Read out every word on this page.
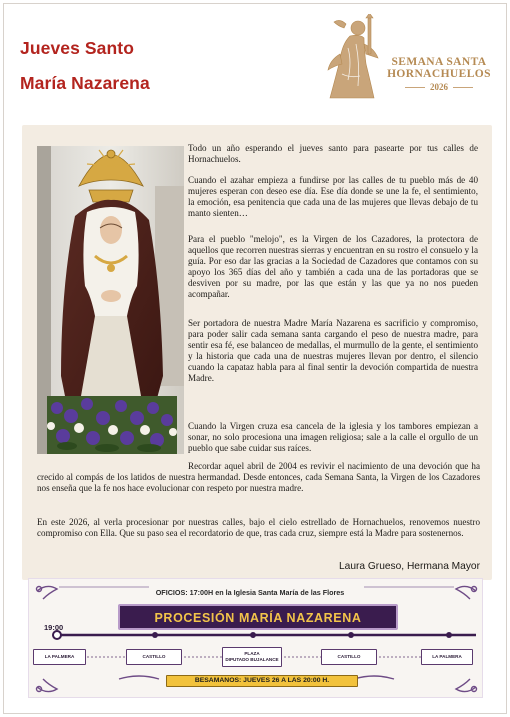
Jueves Santo
María Nazarena
SEMANA SANTA
HORNACHUELOS
2026

Todo un año esperando el jueves santo para pasearte por tus calles de Hornachuelos.

Cuando el azahar empieza a fundirse por las calles de tu pueblo más de 40 mujeres esperan con deseo ese día. Ese día donde se une la fe, el sentimiento, la emoción, esa penitencia que cada una de las mujeres que llevas debajo de tu manto sienten…

Para el pueblo "melojo", es la Virgen de los Cazadores, la protectora de aquellos que recorren nuestras sierras y encuentran en su rostro el consuelo y la guía. Por eso dar las gracias a la Sociedad de Cazadores que contamos con su apoyo los 365 días del año y también a cada una de las portadoras que se desviven por su madre, por las que están y las que ya no nos pueden acompañar.

Ser portadora de nuestra Madre María Nazarena es sacrificio y compromiso, para poder salir cada semana santa cargando el peso de nuestra madre, para sentir esa fé, ese balanceo de medallas, el murmullo de la gente, el sentimiento y la historia que cada una de nuestras mujeres llevan por dentro, el silencio cuando la capataz habla para al final sentir la devoción compartida de nuestra Madre.

Cuando la Virgen cruza esa cancela de la iglesia y los tambores empiezan a sonar, no solo procesiona una imagen religiosa; sale a la calle el orgullo de un pueblo que sabe cuidar sus raíces.

Recordar aquel abril de 2004 es revivir el nacimiento de una devoción que ha crecido al compás de los latidos de nuestra hermandad. Desde entonces, cada Semana Santa, la Virgen de los Cazadores nos enseña que la fe nos hace evolucionar con respeto por nuestra madre.

En este 2026, al verla procesionar por nuestras calles, bajo el cielo estrellado de Hornachuelos, renovemos nuestro compromiso con Ella. Que su paso sea el recordatorio de que, tras cada cruz, siempre está la Madre para sostenernos.

Laura Grueso, Hermana Mayor
OFICIOS: 17:00H en la Iglesia Santa María de las Flores
PROCESIÓN MARÍA NAZARENA
19:00
LA PALMERA	CASTILLO
PLAZA
DIPUTADO BUJALANCE
CASTILLO	LA PALMERA
BESAMANOS: JUEVES 26 A LAS 20:00 H.
